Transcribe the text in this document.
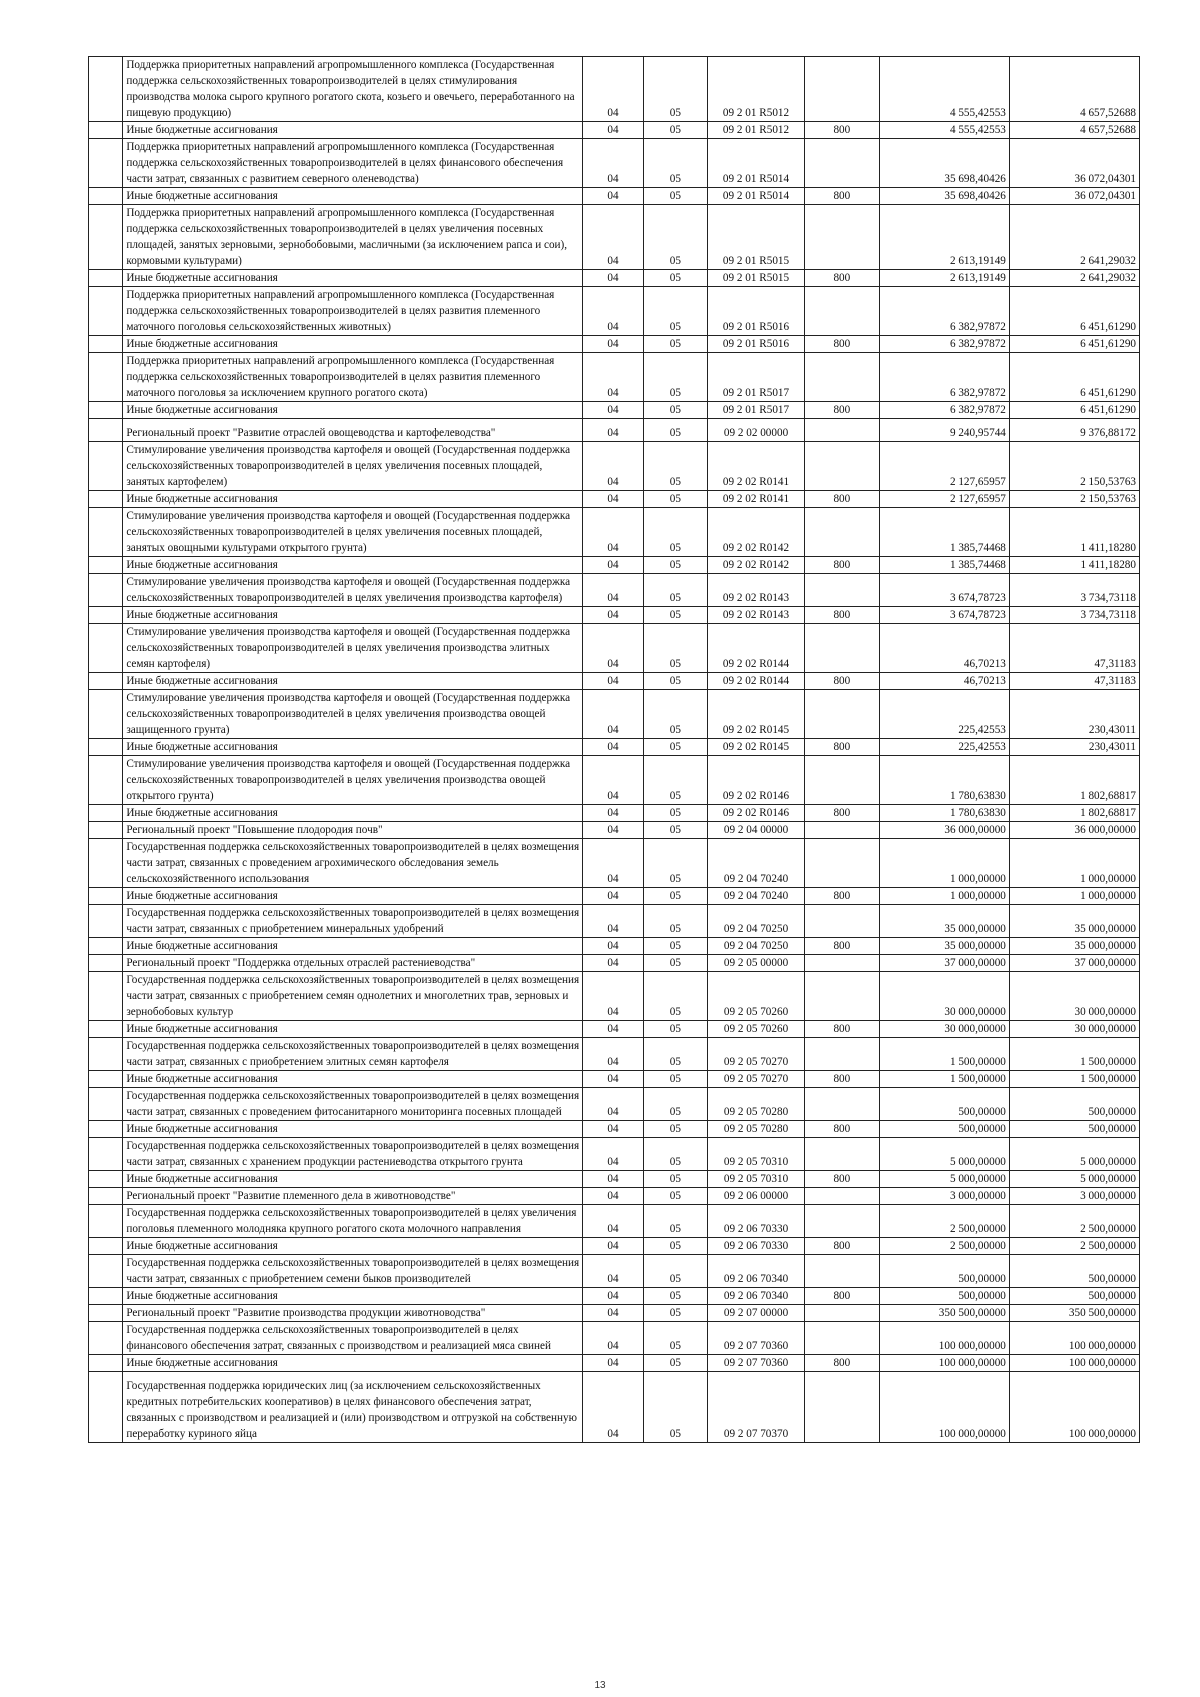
	Поддержка приоритетных направлений агропромышленного комплекса (Государственная поддержка сельскохозяйственных товаропроизводителей в целях стимулирования производства молока сырого крупного рогатого скота, козьего и овечьего, переработанного на пищевую продукцию)	04	05	09 2 01 R5012		4 555,42553	4 657,52688
	Иные бюджетные ассигнования	04	05	09 2 01 R5012	800	4 555,42553	4 657,52688
	Поддержка приоритетных направлений агропромышленного комплекса (Государственная поддержка сельскохозяйственных товаропроизводителей в целях финансового обеспечения части затрат, связанных с развитием северного оленеводства)	04	05	09 2 01 R5014		35 698,40426	36 072,04301
	Иные бюджетные ассигнования	04	05	09 2 01 R5014	800	35 698,40426	36 072,04301
	Поддержка приоритетных направлений агропромышленного комплекса (Государственная поддержка сельскохозяйственных товаропроизводителей в целях увеличения посевных площадей, занятых зерновыми, зернобобовыми, масличными (за исключением рапса и сои), кормовыми культурами)	04	05	09 2 01 R5015		2 613,19149	2 641,29032
	Иные бюджетные ассигнования	04	05	09 2 01 R5015	800	2 613,19149	2 641,29032
	Поддержка приоритетных направлений агропромышленного комплекса (Государственная поддержка сельскохозяйственных товаропроизводителей в целях развития племенного маточного поголовья сельскохозяйственных животных)	04	05	09 2 01 R5016		6 382,97872	6 451,61290
	Иные бюджетные ассигнования	04	05	09 2 01 R5016	800	6 382,97872	6 451,61290
	Поддержка приоритетных направлений агропромышленного комплекса (Государственная поддержка сельскохозяйственных товаропроизводителей в целях развития племенного маточного поголовья за исключением крупного рогатого скота)	04	05	09 2 01 R5017		6 382,97872	6 451,61290
	Иные бюджетные ассигнования	04	05	09 2 01 R5017	800	6 382,97872	6 451,61290
	Региональный проект "Развитие отраслей овощеводства и картофелеводства"	04	05	09 2 02 00000		9 240,95744	9 376,88172
	Стимулирование увеличения производства картофеля и овощей (Государственная поддержка сельскохозяйственных товаропроизводителей в целях увеличения посевных площадей, занятых картофелем)	04	05	09 2 02 R0141		2 127,65957	2 150,53763
	Иные бюджетные ассигнования	04	05	09 2 02 R0141	800	2 127,65957	2 150,53763
	Стимулирование увеличения производства картофеля и овощей (Государственная поддержка сельскохозяйственных товаропроизводителей в целях увеличения посевных площадей, занятых овощными культурами открытого грунта)	04	05	09 2 02 R0142		1 385,74468	1 411,18280
	Иные бюджетные ассигнования	04	05	09 2 02 R0142	800	1 385,74468	1 411,18280
	Стимулирование увеличения производства картофеля и овощей (Государственная поддержка сельскохозяйственных товаропроизводителей в целях увеличения производства картофеля)	04	05	09 2 02 R0143		3 674,78723	3 734,73118
	Иные бюджетные ассигнования	04	05	09 2 02 R0143	800	3 674,78723	3 734,73118
	Стимулирование увеличения производства картофеля и овощей (Государственная поддержка сельскохозяйственных товаропроизводителей в целях увеличения производства элитных семян картофеля)	04	05	09 2 02 R0144		46,70213	47,31183
	Иные бюджетные ассигнования	04	05	09 2 02 R0144	800	46,70213	47,31183
	Стимулирование увеличения производства картофеля и овощей (Государственная поддержка сельскохозяйственных товаропроизводителей в целях увеличения производства овощей защищенного грунта)	04	05	09 2 02 R0145		225,42553	230,43011
	Иные бюджетные ассигнования	04	05	09 2 02 R0145	800	225,42553	230,43011
	Стимулирование увеличения производства картофеля и овощей (Государственная поддержка сельскохозяйственных товаропроизводителей в целях увеличения производства овощей открытого грунта)	04	05	09 2 02 R0146		1 780,63830	1 802,68817
	Иные бюджетные ассигнования	04	05	09 2 02 R0146	800	1 780,63830	1 802,68817
	Региональный проект "Повышение плодородия почв"	04	05	09 2 04 00000		36 000,00000	36 000,00000
	Государственная поддержка сельскохозяйственных товаропроизводителей в целях возмещения части затрат, связанных с проведением агрохимического обследования земель сельскохозяйственного использования	04	05	09 2 04 70240		1 000,00000	1 000,00000
	Иные бюджетные ассигнования	04	05	09 2 04 70240	800	1 000,00000	1 000,00000
	Государственная поддержка сельскохозяйственных товаропроизводителей в целях возмещения части затрат, связанных с приобретением минеральных удобрений	04	05	09 2 04 70250		35 000,00000	35 000,00000
	Иные бюджетные ассигнования	04	05	09 2 04 70250	800	35 000,00000	35 000,00000
	Региональный проект "Поддержка отдельных отраслей растениеводства"	04	05	09 2 05 00000		37 000,00000	37 000,00000
	Государственная поддержка сельскохозяйственных товаропроизводителей в целях возмещения части затрат, связанных с приобретением семян однолетних и многолетних трав, зерновых и зернобобовых культур	04	05	09 2 05 70260		30 000,00000	30 000,00000
	Иные бюджетные ассигнования	04	05	09 2 05 70260	800	30 000,00000	30 000,00000
	Государственная поддержка сельскохозяйственных товаропроизводителей в целях возмещения части затрат, связанных с приобретением элитных семян картофеля	04	05	09 2 05 70270		1 500,00000	1 500,00000
	Иные бюджетные ассигнования	04	05	09 2 05 70270	800	1 500,00000	1 500,00000
	Государственная поддержка сельскохозяйственных товаропроизводителей в целях возмещения части затрат, связанных с проведением фитосанитарного мониторинга посевных площадей	04	05	09 2 05 70280		500,00000	500,00000
	Иные бюджетные ассигнования	04	05	09 2 05 70280	800	500,00000	500,00000
	Государственная поддержка сельскохозяйственных товаропроизводителей в целях возмещения части затрат, связанных с хранением продукции растениеводства открытого грунта	04	05	09 2 05 70310		5 000,00000	5 000,00000
	Иные бюджетные ассигнования	04	05	09 2 05 70310	800	5 000,00000	5 000,00000
	Региональный проект "Развитие племенного дела в животноводстве"	04	05	09 2 06 00000		3 000,00000	3 000,00000
	Государственная поддержка сельскохозяйственных товаропроизводителей в целях увеличения поголовья племенного молодняка крупного рогатого скота молочного направления	04	05	09 2 06 70330		2 500,00000	2 500,00000
	Иные бюджетные ассигнования	04	05	09 2 06 70330	800	2 500,00000	2 500,00000
	Государственная поддержка сельскохозяйственных товаропроизводителей в целях возмещения части затрат, связанных с приобретением семени быков производителей	04	05	09 2 06 70340		500,00000	500,00000
	Иные бюджетные ассигнования	04	05	09 2 06 70340	800	500,00000	500,00000
	Региональный проект "Развитие производства продукции животноводства"	04	05	09 2 07 00000		350 500,00000	350 500,00000
	Государственная поддержка сельскохозяйственных товаропроизводителей в целях финансового обеспечения затрат, связанных с производством и реализацией мяса свиней	04	05	09 2 07 70360		100 000,00000	100 000,00000
	Иные бюджетные ассигнования	04	05	09 2 07 70360	800	100 000,00000	100 000,00000
	Государственная поддержка юридических лиц (за исключением сельскохозяйственных кредитных потребительских кооперативов) в целях финансового обеспечения затрат, связанных с производством и реализацией и (или) производством и отгрузкой на собственную переработку куриного яйца	04	05	09 2 07 70370		100 000,00000	100 000,00000
13
